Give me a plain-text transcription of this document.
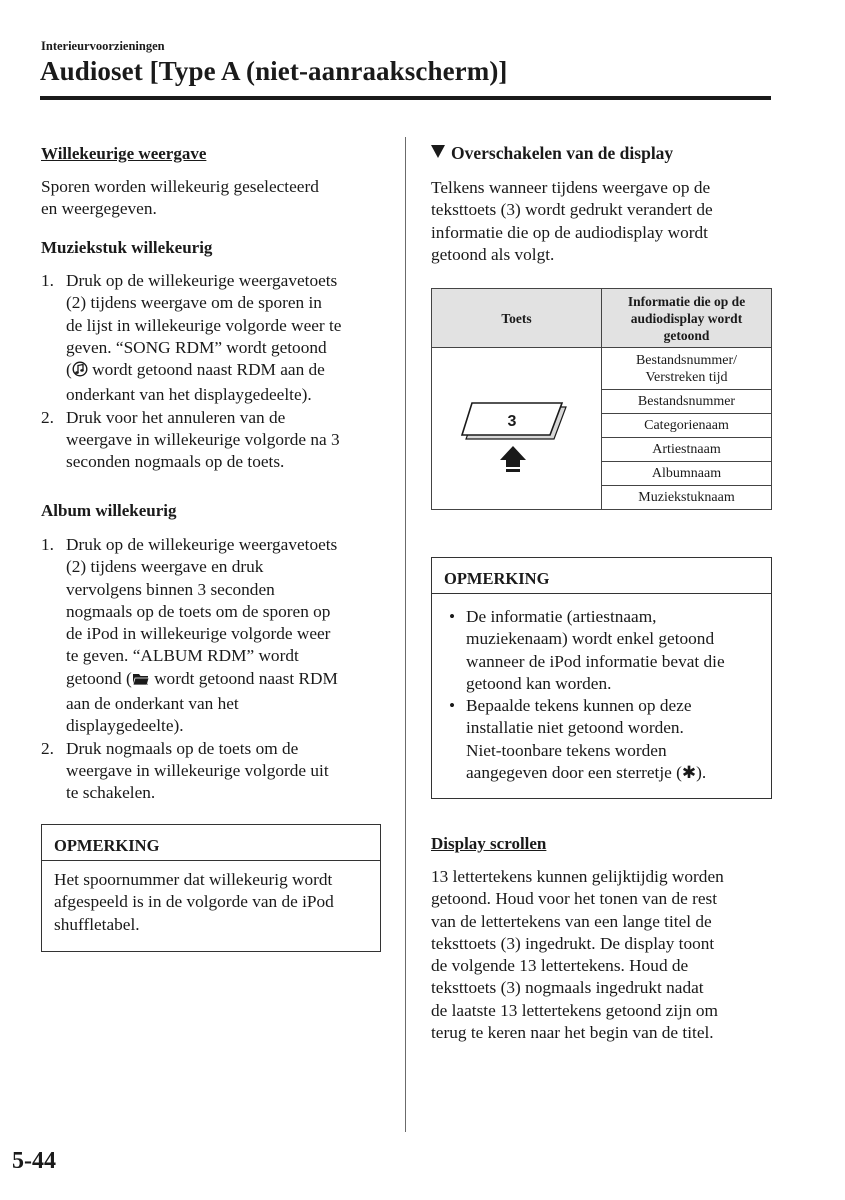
Interieurvoorzieningen
Audioset [Type A (niet-aanraakscherm)]
Willekeurige weergave
Sporen worden willekeurig geselecteerd
en weergegeven.
Muziekstuk willekeurig
1. Druk op de willekeurige weergavetoets
(2) tijdens weergave om de sporen in
de lijst in willekeurige volgorde weer te
geven. “SONG RDM” wordt getoond
( wordt getoond naast RDM aan de
onderkant van het displaygedeelte).
2. Druk voor het annuleren van de
weergave in willekeurige volgorde na 3
seconden nogmaals op de toets.
Album willekeurig
1. Druk op de willekeurige weergavetoets
(2) tijdens weergave en druk
vervolgens binnen 3 seconden
nogmaals op de toets om de sporen op
de iPod in willekeurige volgorde weer
te geven. “ALBUM RDM” wordt
getoond ( wordt getoond naast RDM
aan de onderkant van het
displaygedeelte).
2. Druk nogmaals op de toets om de
weergave in willekeurige volgorde uit
te schakelen.
OPMERKING
Het spoornummer dat willekeurig wordt
afgespeeld is in de volgorde van de iPod
shuffletabel.
Overschakelen van de display
Telkens wanneer tijdens weergave op de
teksttoets (3) wordt gedrukt verandert de
informatie die op de audiodisplay wordt
getoond als volgt.
Toets	Informatie die op de
audiodisplay wordt
getoond

3	Bestandsnummer/
Verstreken tijd

	Bestandsnummer
	Categorienaam
	Artiestnaam
	Albumnaam
	Muziekstuknaam
OPMERKING
• De informatie (artiestnaam,
muziekenaam) wordt enkel getoond
wanneer de iPod informatie bevat die
getoond kan worden.
• Bepaalde tekens kunnen op deze
installatie niet getoond worden.
Niet-toonbare tekens worden
aangegeven door een sterretje (✱).
Display scrollen
13 lettertekens kunnen gelijktijdig worden
getoond. Houd voor het tonen van de rest
van de lettertekens van een lange titel de
teksttoets (3) ingedrukt. De display toont
de volgende 13 lettertekens. Houd de
teksttoets (3) nogmaals ingedrukt nadat
de laatste 13 lettertekens getoond zijn om
terug te keren naar het begin van de titel.
5-44
